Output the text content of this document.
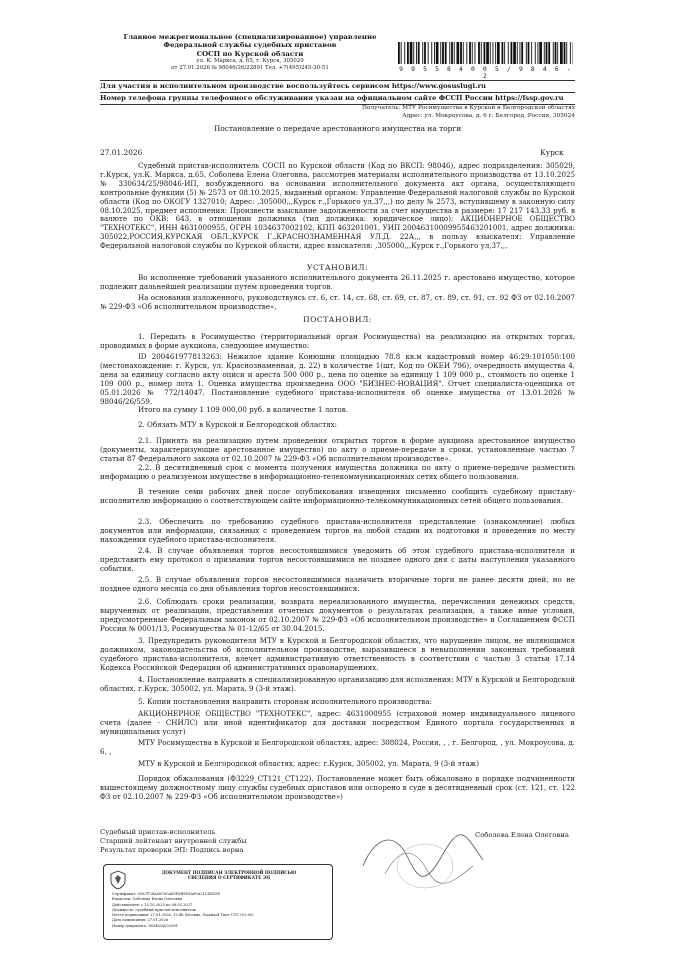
Главное межрегиональное (специализированное) управление
Федеральной службы судебных приставов
СОСП по Курской области
ул. К. Маркса, д. 65, г. Курск, 305029
от 27.01.2026 № 98046/26/22891 Тел. +7(495)245-30-51	9 9 5 5 8 4 0 0 5 / 9 8 4 6 - 2
Для участия в исполнительном производстве воспользуйтесь сервисом https://www.gosuslugi.ru
Номер телефона группы телефонного обслуживания указан на официальном сайте ФССП России https://fssp.gov.ru
Получатель: МТУ Росимущества в Курской и Белгородской областях
Адрес: ул. Мокроусова, д. 6 г. Белгород, Россия, 305024
Постановление о передаче арестованного имущества на торги
27.01.2026	Курск
Судебный пристав-исполнитель СОСП по Курской области (Код по ВКСП: 98046), адрес подразделения: 305029, г.Курск, ул.К. Маркса, д.65, Соболева Елена Олеговна, рассмотрев материалы исполнительного производства от 13.10.2025 № 330634/25/98046-ИП, возбужденного на основании исполнительного документа акт органа, осуществляющего контрольные функции (5) № 2573 от 08.10.2025, выданный органом: Управление Федеральной налоговой службы по Курской области (Код по ОКОГУ 1327010; Адрес: ,305000,,,Курск г.,Горького ул,37,,,) по делу № 2573, вступившему в законную силу 08.10.2025, предмет исполнения: Произвести взыскание задолженности за счет имущества в размере: 17 217 143.33 руб. в валюте по ОКВ: 643, в отношении должника (тип должника: юридическое лицо): АКЦИОНЕРНОЕ ОБЩЕСТВО "ТЕХНОТЕКС", ИНН 4631000955, ОГРН 1034637002102, КПП 463201001, УИП 20046310009955463201001, адрес должника: 305022,РОССИЯ,КУРСКАЯ ОБЛ.,КУРСК Г.,КРАСНОЗНАМЕННАЯ УЛ.Д. 22А,,, в пользу взыскателя: Управление Федеральной налоговой службы по Курской области, адрес взыскателя: ,305000,,,Курск г.,Горького ул,37,,,
УСТАНОВИЛ:
Во исполнение требований указанного исполнительного документа 26.11.2025 г. арестовано имущество, которое подлежит дальнейшей реализации путем проведения торгов.
На основании изложенного, руководствуясь ст. 6, ст. 14, ст. 68, ст. 69, ст. 87, ст. 89, ст. 91, ст. 92 ФЗ от 02.10.2007 № 229-ФЗ «Об исполнительном производстве»,
ПОСТАНОВИЛ:
1. Передать в Росимущество (территориальный орган Росимущества) на реализацию на открытых торгах, проводимых в форме аукциона, следующее имущество:
ID 200461977813263: Нежилое здание Конюшни площадью 78.8 кв.м кадастровый номер 46:29:101050:100 (местонахождение: г. Курск, ул. Краснознаменная, д. 22) в количестве 1(шт, Код по ОКЕИ 796), очередность имущества 4, цена за единицу согласно акту описи и ареста 500 000 р., цена по оценке за единицу 1 109 000 р., стоимость по оценке 1 109 000 р., номер лота 1. Оценка имущества произведена ООО "БИЗНЕС-НОВАЦИЯ". Отчет специалиста-оценщика от 05.01.2026 № 772/14047. Постановление судебного пристава-исполнителя об оценке имущества от 13.01.2026 № 98046/26/559.
Итого на сумму 1 109 000,00 руб. в количестве 1 лотов.
2. Обязать МТУ в Курской и Белгородской областях:
2.1. Принять на реализацию путем проведения открытых торгов в форме аукциона арестованное имущество (документы, характеризующие арестованное имущество) по акту о приеме-передаче в сроки, установленные частью 7 статьи 87 Федерального закона от 02.10.2007 № 229-ФЗ «Об исполнительном производстве».
2.2. В десятидневный срок с момента получения имущества должника по акту о приеме-передаче разместить информацию о реализуемом имуществе в информационно-телекоммуникационных сетях общего пользования.
В течение семи рабочих дней после опубликования извещения письменно сообщить судебному приставу-исполнителю информацию о соответствующем сайте информационно-телекоммуникационных сетей общего пользования.
2.3. Обеспечить по требованию судебного пристава-исполнителя представление (ознакомление) любых документов или информации, связанных с проведением торгов на любой стадии их подготовки и проведения по месту нахождения судебного пристава-исполнителя.
2.4. В случае объявления торгов несостоявшимися уведомить об этом судебного пристава-исполнителя и представить ему протокол о признании торгов несостоявшимися не позднее одного дня с даты наступления указанного события.
2.5. В случае объявления торгов несостоявшимися назначить вторичные торги не ранее десяти дней, но не позднее одного месяца со дня объявления торгов несостоявшимися.
2.6. Соблюдать сроки реализации, возврата нереализованного имущества, перечисления денежных средств, вырученных от реализации, представления отчетных документов о результатах реализации, а также иные условия, предусмотренные Федеральным законом от 02.10.2007 № 229-ФЗ «Об исполнительном производстве» и Соглашением ФССП России № 0001/13, Росимущества № 01-12/65 от 30.04.2015.
3. Предупредить руководителя МТУ в Курской и Белгородской областях, что нарушение лицом, не являющимся должником, законодательства об исполнительном производстве, выразившееся в невыполнении законных требований судебного пристава-исполнителя, влечет административную ответственность в соответствии с частью 3 статьи 17.14 Кодекса Российской Федерации об административных правонарушениях.
4. Постановление направить в специализированную организацию для исполнения: МТУ в Курской и Белгородской областях, г.Курск, 305002, ул. Марата, 9 (3-й этаж).
5. Копии постановления направить сторонам исполнительного производства:
АКЦИОНЕРНОЕ ОБЩЕСТВО "ТЕХНОТЕКС", адрес: 4631000955 (страховой номер индивидуального лицевого счета (далее - СНИЛС) или иной идентификатор для доставки посредством Единого портала государственных и муниципальных услуг)
МТУ Росимущества в Курской и Белгородской областях, адрес: 308024, Россия, , , г. Белгород, , ул. Мокроусова, д. 6, ,
МТУ в Курской и Белгородской областях, адрес: г.Курск, 305002, ул. Марата, 9 (3-й этаж)
Порядок обжалования (Ф3229_СТ121_СТ122). Постановление может быть обжаловано в порядке подчиненности вышестоящему должностному лицу службы судебных приставов или оспорено в суде в десятидневный срок (ст. 121, ст. 122 ФЗ от 02.10.2007 № 229-ФЗ «Об исполнительном производстве»)
Судебный пристав-исполнитель
Старший лейтенант внутренней службы
Результат проверки ЭП: Подпись верна
Соболева Елена Олеговна
ДОКУМЕНТ ПОДПИСАН ЭЛЕКТРОННОЙ ПОДПИСЬЮ
СВЕДЕНИЯ О СЕРТИФИКАТЕ ЭП
Сертификат: 00A7F26A60C80A83F8B9D8A90A21C40D5E
Владелец: Соболева Елена Олеговна
Действителен: с 15.10.2025 по 08.01.2027
Должность: судебный пристав-исполнитель
Место подписания: 27.01.2026, 12:48 (Москва, Standard Time UTC+03:00)
Дата подписания: 27.01.2026
Номер документа: 98046/26/22891
